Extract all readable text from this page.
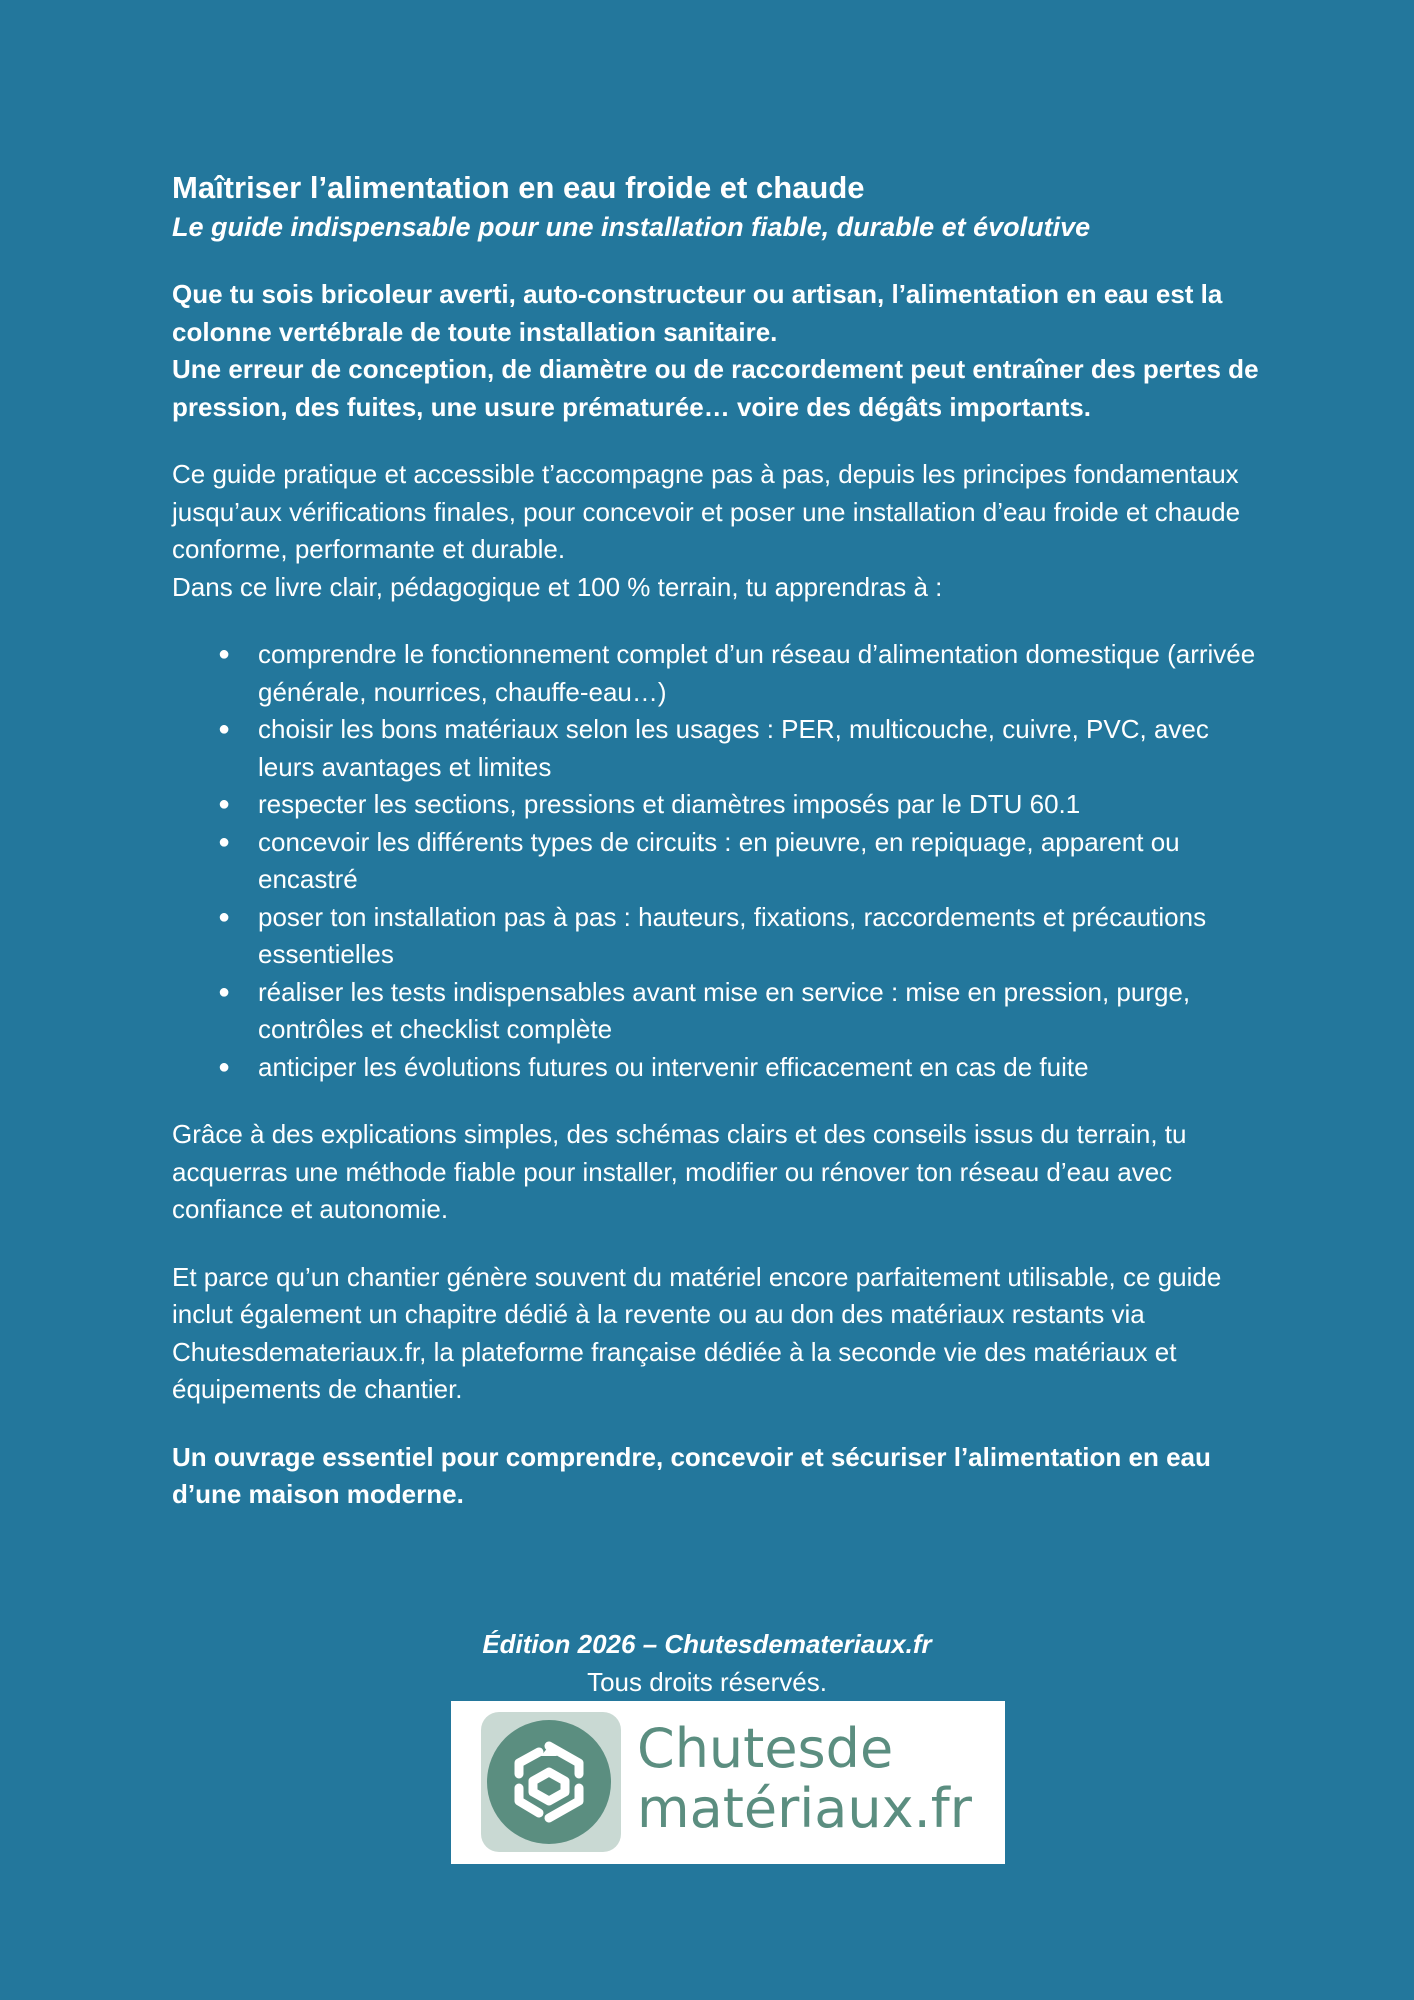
Maîtriser l’alimentation en eau froide et chaude
Le guide indispensable pour une installation fiable, durable et évolutive

Que tu sois bricoleur averti, auto-constructeur ou artisan, l’alimentation en eau est la colonne vertébrale de toute installation sanitaire.

Une erreur de conception, de diamètre ou de raccordement peut entraîner des pertes de pression, des fuites, une usure prématurée… voire des dégâts importants.

Ce guide pratique et accessible t’accompagne pas à pas, depuis les principes fondamentaux jusqu’aux vérifications finales, pour concevoir et poser une installation d’eau froide et chaude conforme, performante et durable.

Dans ce livre clair, pédagogique et 100 % terrain, tu apprendras à :

● comprendre le fonctionnement complet d’un réseau d’alimentation domestique (arrivée générale, nourrices, chauffe-eau…)
● choisir les bons matériaux selon les usages : PER, multicouche, cuivre, PVC, avec leurs avantages et limites
● respecter les sections, pressions et diamètres imposés par le DTU 60.1
● concevoir les différents types de circuits : en pieuvre, en repiquage, apparent ou encastré
● poser ton installation pas à pas : hauteurs, fixations, raccordements et précautions essentielles
● réaliser les tests indispensables avant mise en service : mise en pression, purge, contrôles et checklist complète
● anticiper les évolutions futures ou intervenir efficacement en cas de fuite

Grâce à des explications simples, des schémas clairs et des conseils issus du terrain, tu acquerras une méthode fiable pour installer, modifier ou rénover ton réseau d’eau avec confiance et autonomie.

Et parce qu’un chantier génère souvent du matériel encore parfaitement utilisable, ce guide inclut également un chapitre dédié à la revente ou au don des matériaux restants via Chutesdemateriaux.fr, la plateforme française dédiée à la seconde vie des matériaux et équipements de chantier.

Un ouvrage essentiel pour comprendre, concevoir et sécuriser l’alimentation en eau d’une maison moderne.

Édition 2026 – Chutesdemateriaux.fr
Tous droits réservés.
Chutesde
matériaux.fr
